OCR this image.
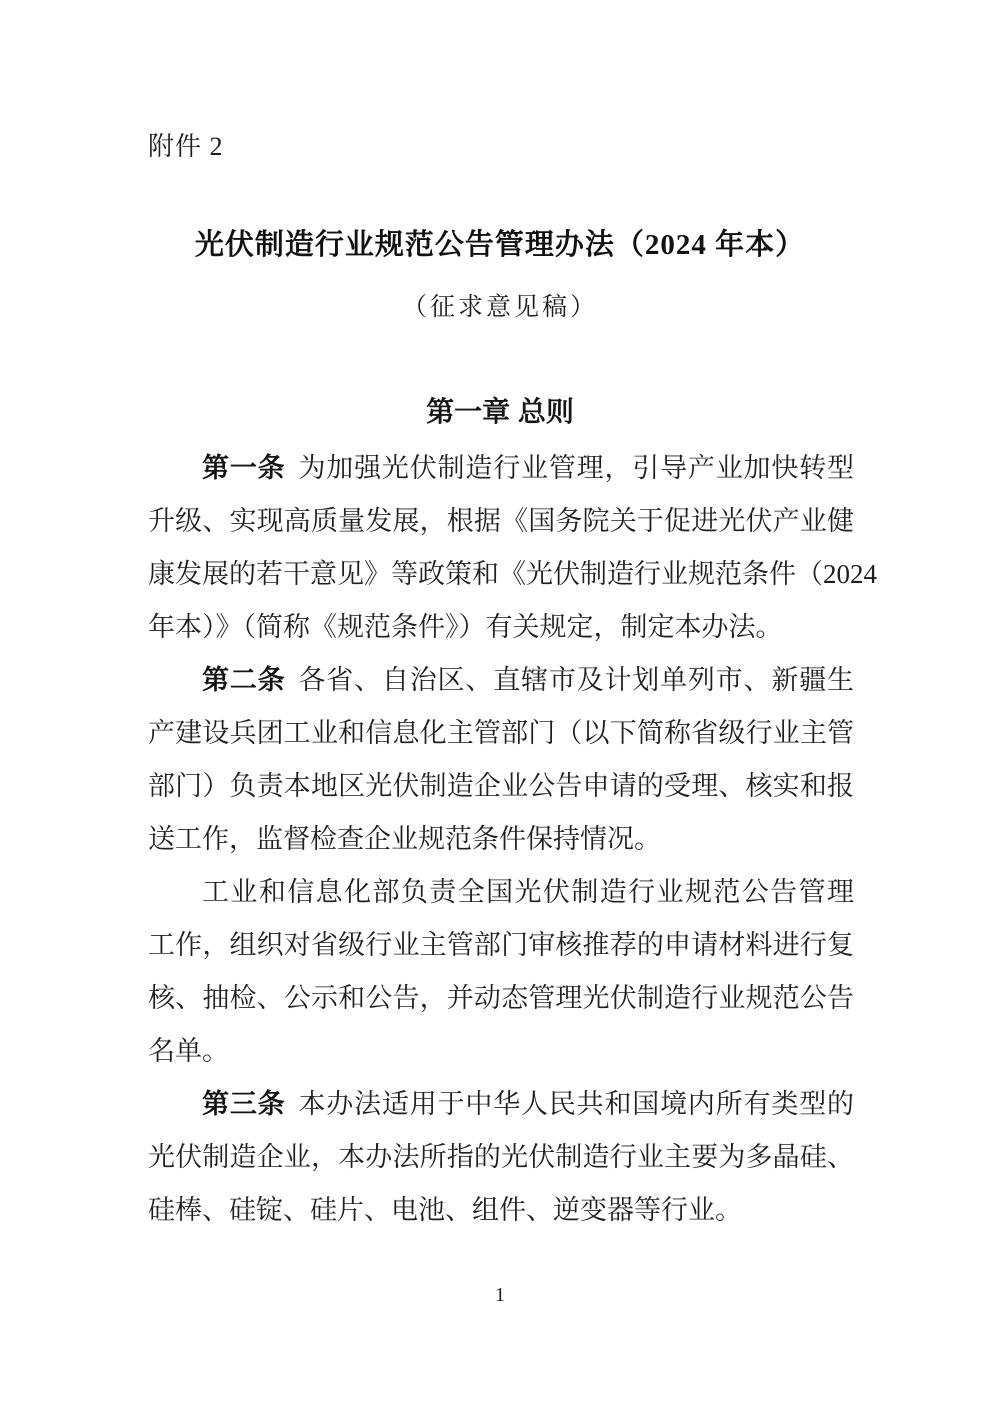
附件 2
光伏制造行业规范公告管理办法（2024 年本）
（征求意见稿）
第一章 总则

第一条 为加强光伏制造行业管理，引导产业加快转型
升级、实现高质量发展，根据《国务院关于促进光伏产业健
康发展的若干意见》等政策和《光伏制造行业规范条件（2024
年本）》（简称《规范条件》）有关规定，制定本办法。

第二条 各省、自治区、直辖市及计划单列市、新疆生
产建设兵团工业和信息化主管部门（以下简称省级行业主管
部门）负责本地区光伏制造企业公告申请的受理、核实和报
送工作，监督检查企业规范条件保持情况。

工业和信息化部负责全国光伏制造行业规范公告管理
工作，组织对省级行业主管部门审核推荐的申请材料进行复
核、抽检、公示和公告，并动态管理光伏制造行业规范公告
名单。

第三条 本办法适用于中华人民共和国境内所有类型的
光伏制造企业，本办法所指的光伏制造行业主要为多晶硅、
硅棒、硅锭、硅片、电池、组件、逆变器等行业。

1
